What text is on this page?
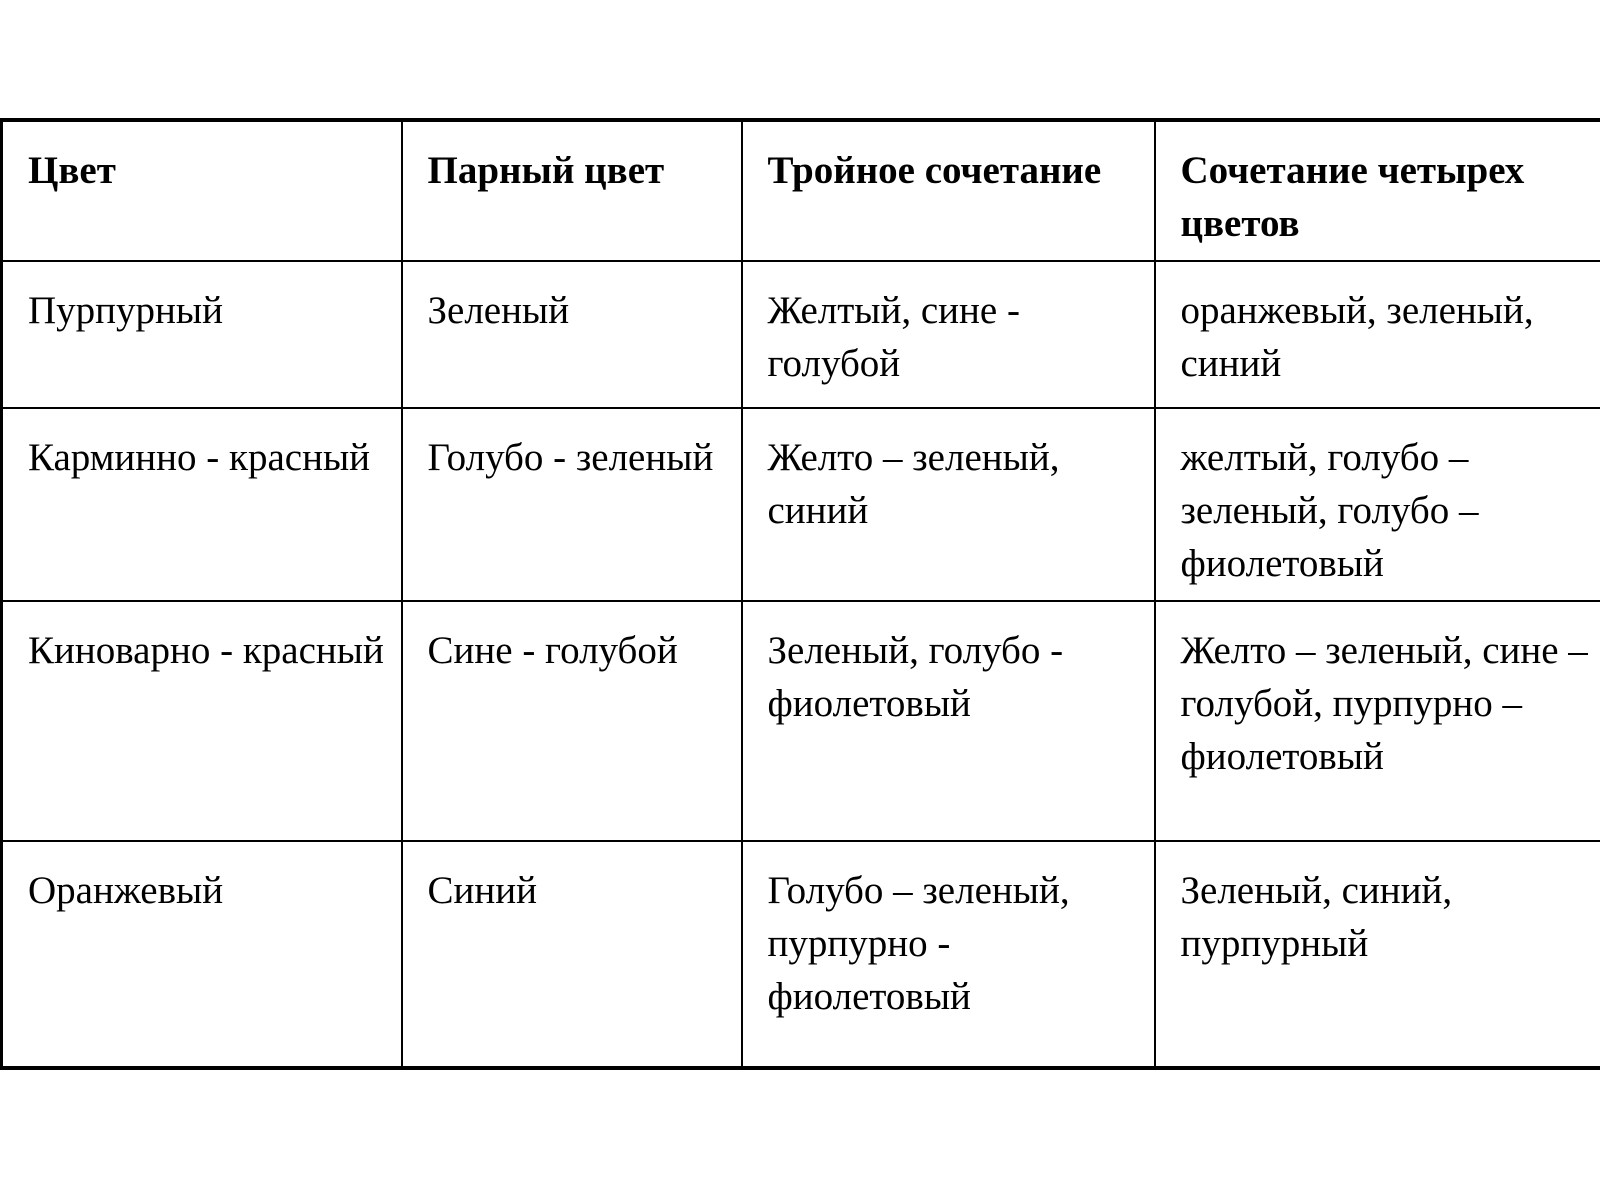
Цвет	Парный цвет	Тройное сочетание	Сочетание четырех цветов
Пурпурный	Зеленый	Желтый, сине - голубой	оранжевый, зеленый, синий
Карминно - красный	Голубо - зеленый	Желто – зеленый, синий	желтый, голубо – зеленый, голубо – фиолетовый
Киноварно - красный	Сине - голубой	Зеленый, голубо - фиолетовый	Желто – зеленый, сине – голубой, пурпурно – фиолетовый
Оранжевый	Синий	Голубо – зеленый, пурпурно - фиолетовый	Зеленый, синий, пурпурный
